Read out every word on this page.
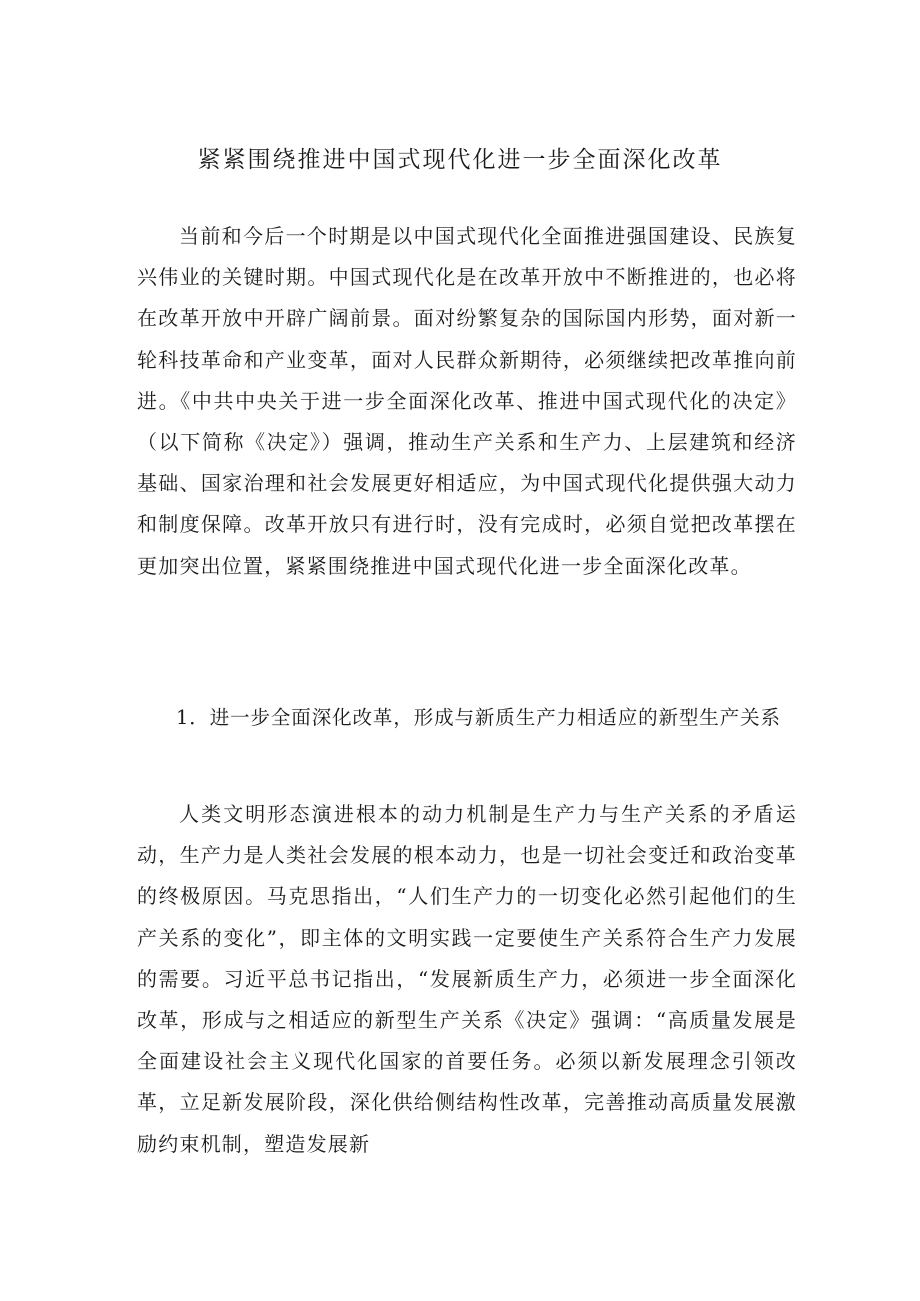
紧紧围绕推进中国式现代化进一步全面深化改革

当前和今后一个时期是以中国式现代化全面推进强国建设、民族复兴伟业的关键时期。中国式现代化是在改革开放中不断推进的，也必将在改革开放中开辟广阔前景。面对纷繁复杂的国际国内形势，面对新一轮科技革命和产业变革，面对人民群众新期待，必须继续把改革推向前进。《中共中央关于进一步全面深化改革、推进中国式现代化的决定》（以下简称《决定》）强调，推动生产关系和生产力、上层建筑和经济基础、国家治理和社会发展更好相适应，为中国式现代化提供强大动力和制度保障。改革开放只有进行时，没有完成时，必须自觉把改革摆在更加突出位置，紧紧围绕推进中国式现代化进一步全面深化改革。

1．进一步全面深化改革，形成与新质生产力相适应的新型生产关系

人类文明形态演进根本的动力机制是生产力与生产关系的矛盾运动，生产力是人类社会发展的根本动力，也是一切社会变迁和政治变革的终极原因。马克思指出，“人们生产力的一切变化必然引起他们的生产关系的变化”，即主体的文明实践一定要使生产关系符合生产力发展的需要。习近平总书记指出，“发展新质生产力，必须进一步全面深化改革，形成与之相适应的新型生产关系《决定》强调：“高质量发展是全面建设社会主义现代化国家的首要任务。必须以新发展理念引领改革，立足新发展阶段，深化供给侧结构性改革，完善推动高质量发展激励约束机制，塑造发展新
